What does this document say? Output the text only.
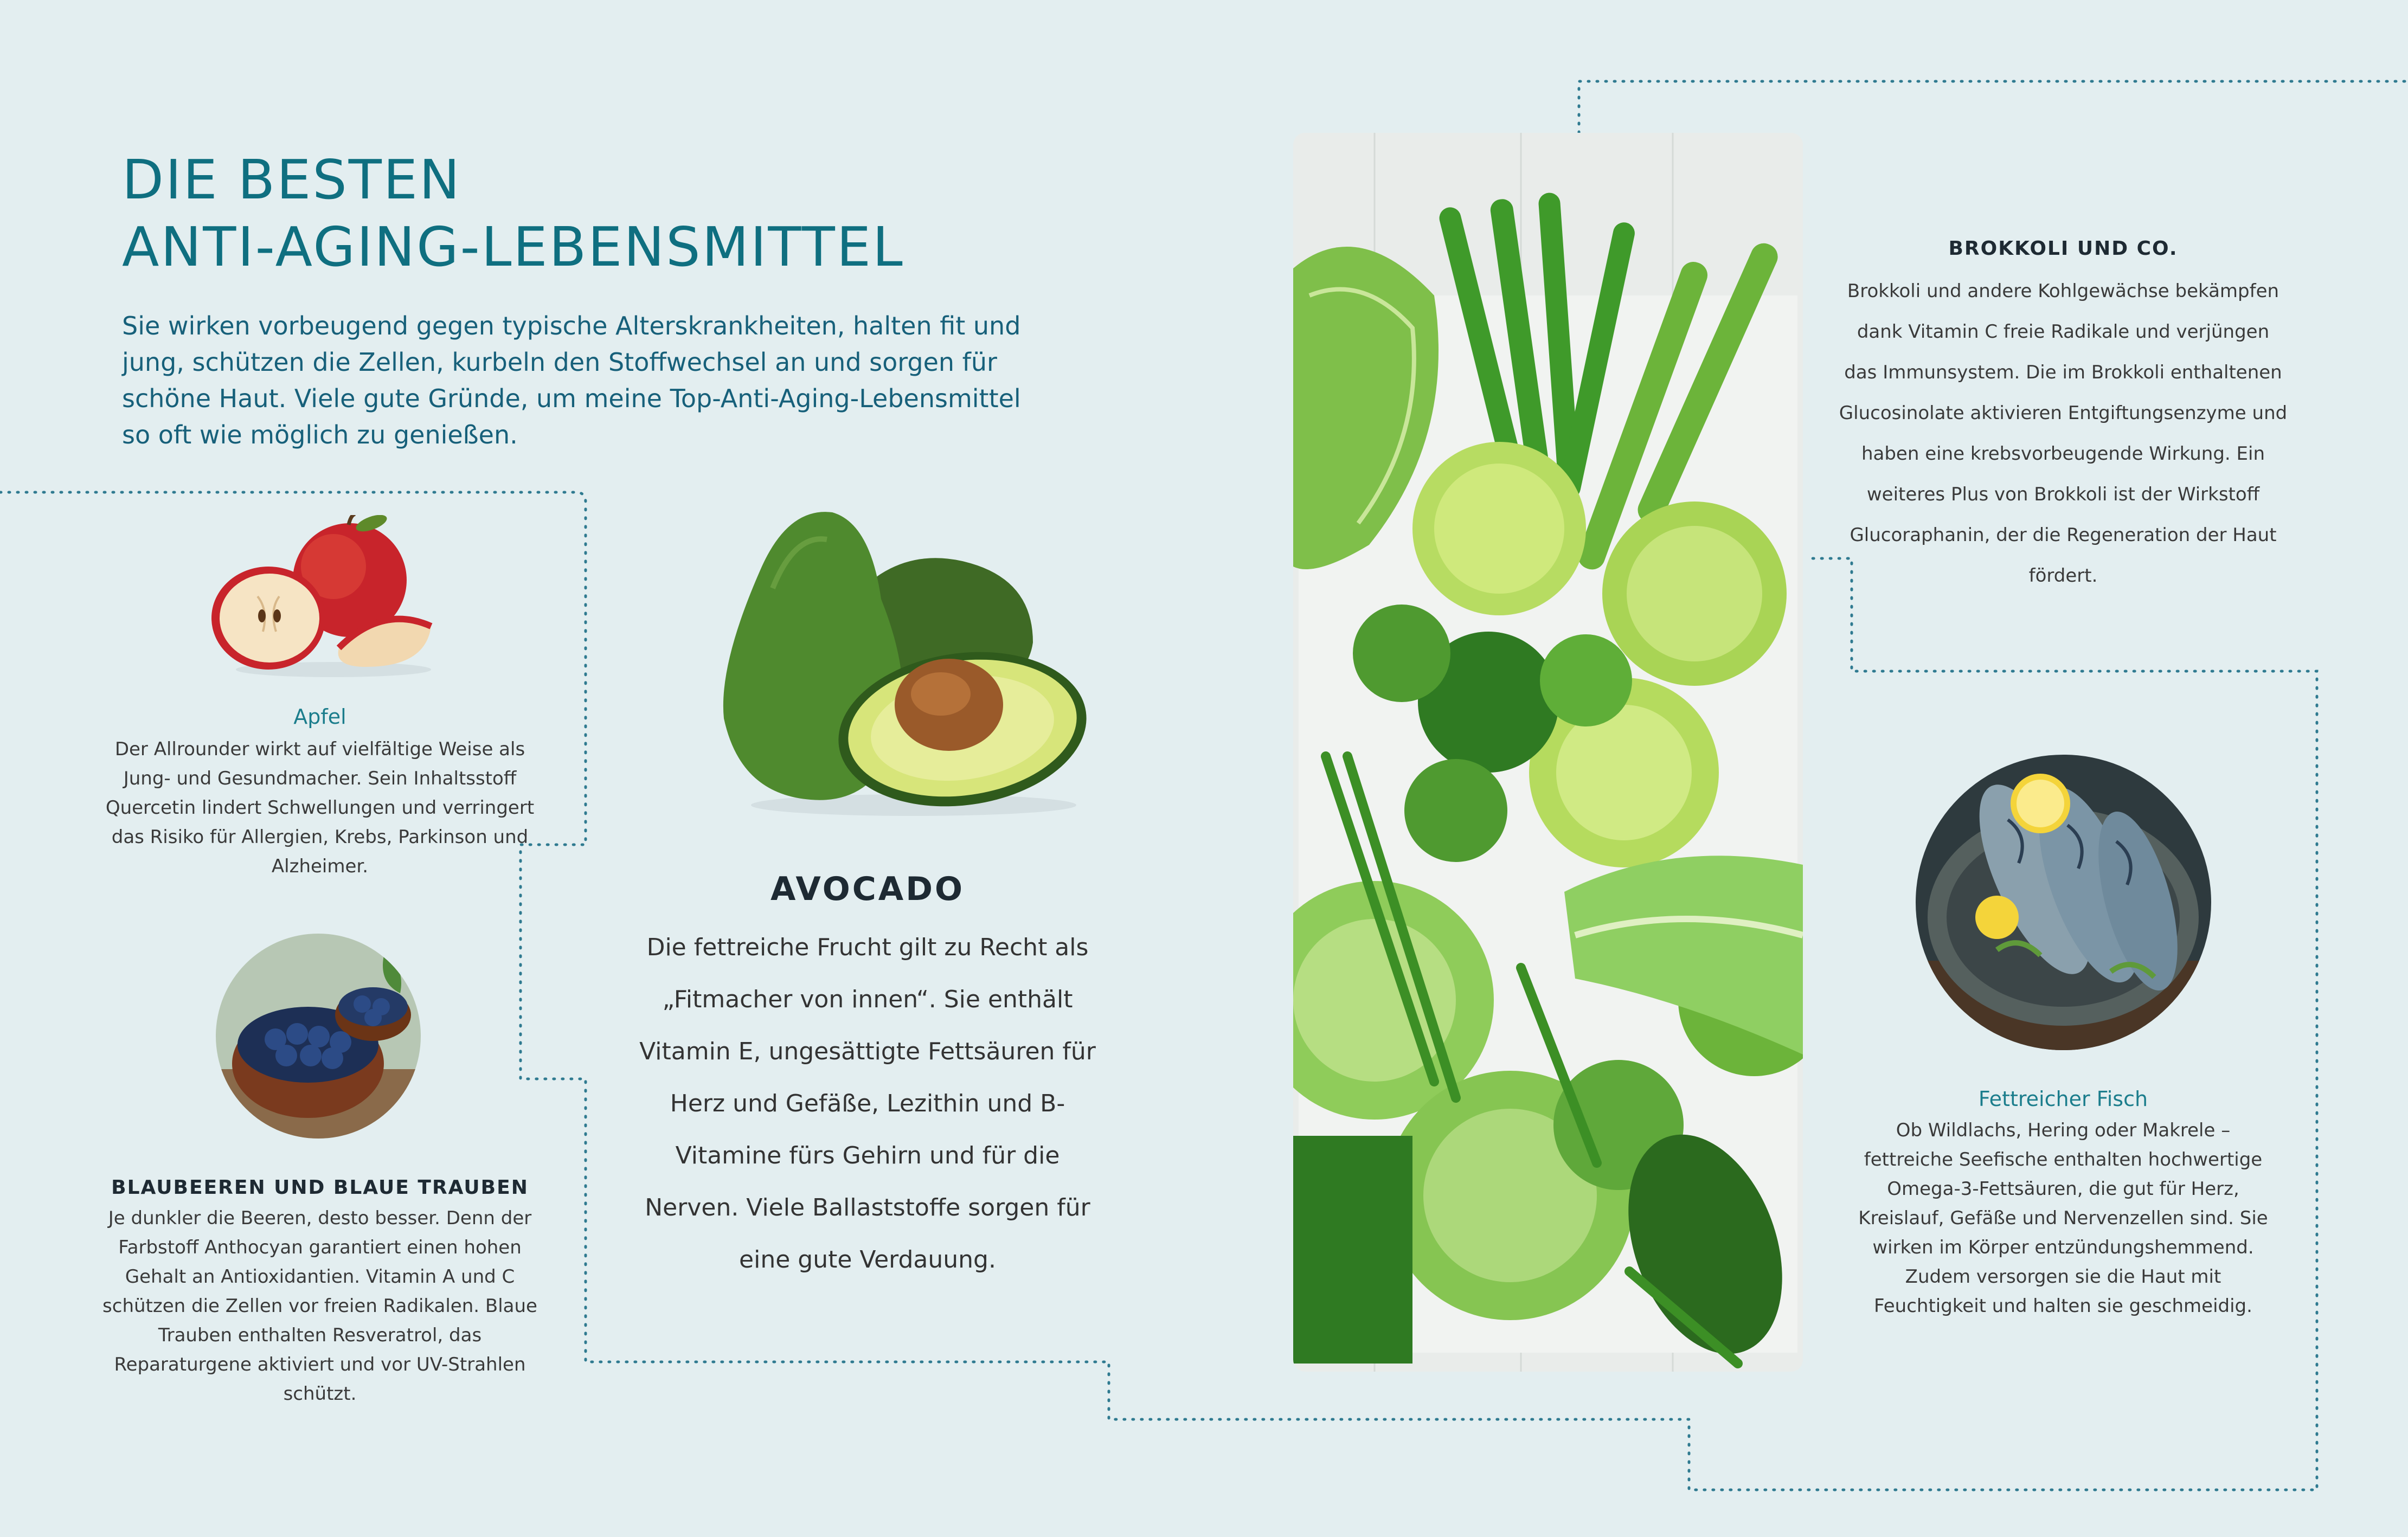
DIE BESTEN
ANTI-AGING-LEBENSMITTEL
Sie wirken vorbeugend gegen typische Alterskrankheiten, halten fit und jung, schützen die Zellen, kurbeln den Stoffwechsel an und sorgen für schöne Haut. Viele gute Gründe, um meine Top-Anti-Aging-Lebensmittel so oft wie möglich zu genießen.
Apfel
Der Allrounder wirkt auf vielfältige Weise als Jung- und Gesundmacher. Sein Inhaltsstoff Quercetin lindert Schwellungen und verringert das Risiko für Allergien, Krebs, Parkinson und Alzheimer.
BLAUBEEREN UND BLAUE TRAUBEN
Je dunkler die Beeren, desto besser. Denn der Farbstoff Anthocyan garantiert einen hohen Gehalt an Antioxidantien. Vitamin A und C schützen die Zellen vor freien Radikalen. Blaue Trauben enthalten Resveratrol, das Reparaturgene aktiviert und vor UV-Strahlen schützt.
AVOCADO
Die fettreiche Frucht gilt zu Recht als „Fitmacher von innen“. Sie enthält Vitamin E, ungesättigte Fettsäuren für Herz und Gefäße, Lezithin und B-Vitamine fürs Gehirn und für die Nerven. Viele Ballaststoffe sorgen für eine gute Verdauung.
BROKKOLI UND CO.
Brokkoli und andere Kohlgewächse bekämpfen dank Vitamin C freie Radikale und verjüngen das Immunsystem. Die im Brokkoli enthaltenen Glucosinolate aktivieren Entgiftungsenzyme und haben eine krebsvorbeugende Wirkung. Ein weiteres Plus von Brokkoli ist der Wirkstoff Glucoraphanin, der die Regeneration der Haut fördert.
Fettreicher Fisch
Ob Wildlachs, Hering oder Makrele – fettreiche Seefische enthalten hochwertige Omega-3-Fettsäuren, die gut für Herz, Kreislauf, Gefäße und Nervenzellen sind. Sie wirken im Körper entzündungshemmend. Zudem versorgen sie die Haut mit Feuchtigkeit und halten sie geschmeidig.
